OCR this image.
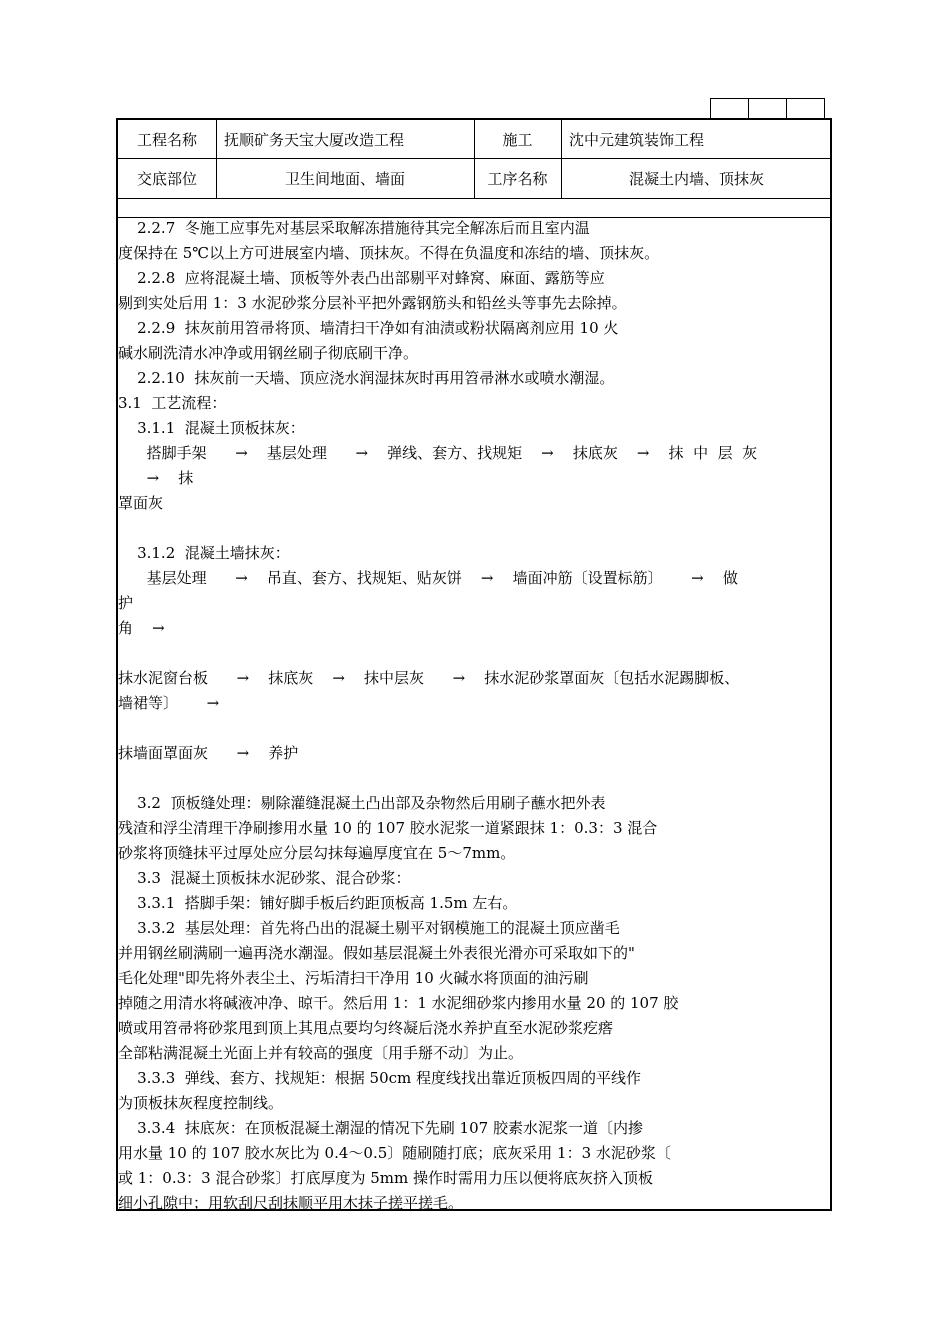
工程名称	抚顺矿务天宝大厦改造工程	施工	沈中元建筑装饰工程
交底部位	卫生间地面、墙面	工序名称	混凝土内墙、顶抹灰
2.2.7  冬施工应事先对基层采取解冻措施待其完全解冻后而且室内温
度保持在 5℃以上方可进展室内墙、顶抹灰。不得在负温度和冻结的墙、顶抹灰。
2.2.8  应将混凝土墙、顶板等外表凸出部剔平对蜂窝、麻面、露筋等应
剔到实处后用 1：3 水泥砂浆分层补平把外露钢筋头和铅丝头等事先去除掉。
2.2.9  抹灰前用笤帚将顶、墙清扫干净如有油渍或粉状隔离剂应用 10 火
碱水刷洗清水冲净或用钢丝刷子彻底刷干净。
2.2.10  抹灰前一天墙、顶应浇水润湿抹灰时再用笤帚淋水或喷水潮湿。
3.1  工艺流程：
3.1.1  混凝土顶板抹灰：
搭脚手架      →    基层处理      →    弹线、套方、找规矩    →    抹底灰    →    抹  中  层  灰
→    抹
罩面灰
3.1.2  混凝土墙抹灰：
基层处理      →    吊直、套方、找规矩、贴灰饼    →    墙面冲筋〔设置标筋〕      →    做
护
角    →
抹水泥窗台板      →    抹底灰    →    抹中层灰      →    抹水泥砂浆罩面灰〔包括水泥踢脚板、
墙裙等〕      →
抹墙面罩面灰      →    养护
3.2  顶板缝处理：剔除灌缝混凝土凸出部及杂物然后用刷子蘸水把外表
残渣和浮尘清理干净刷掺用水量 10 的 107 胶水泥浆一道紧跟抹 1：0.3：3 混合
砂浆将顶缝抹平过厚处应分层勾抹每遍厚度宜在 5～7mm。
3.3  混凝土顶板抹水泥砂浆、混合砂浆：
3.3.1  搭脚手架：铺好脚手板后约距顶板高 1.5m 左右。
3.3.2  基层处理：首先将凸出的混凝土剔平对钢模施工的混凝土顶应凿毛
并用钢丝刷满刷一遍再浇水潮湿。假如基层混凝土外表很光滑亦可采取如下的"
毛化处理"即先将外表尘土、污垢清扫干净用 10 火碱水将顶面的油污刷
掉随之用清水将碱液冲净、晾干。然后用 1：1 水泥细砂浆内掺用水量 20 的 107 胶
喷或用笤帚将砂浆甩到顶上其甩点要均匀终凝后浇水养护直至水泥砂浆疙瘩
全部粘满混凝土光面上并有较高的强度〔用手掰不动〕为止。
3.3.3  弹线、套方、找规矩：根据 50cm 程度线找出靠近顶板四周的平线作
为顶板抹灰程度控制线。
3.3.4  抹底灰：在顶板混凝土潮湿的情况下先刷 107 胶素水泥浆一道〔内掺
用水量 10 的 107 胶水灰比为 0.4～0.5〕随刷随打底；底灰采用 1：3 水泥砂浆〔
或 1：0.3：3 混合砂浆〕打底厚度为 5mm 操作时需用力压以便将底灰挤入顶板
细小孔隙中；用软刮尺刮抹顺平用木抹子搓平搓毛。
